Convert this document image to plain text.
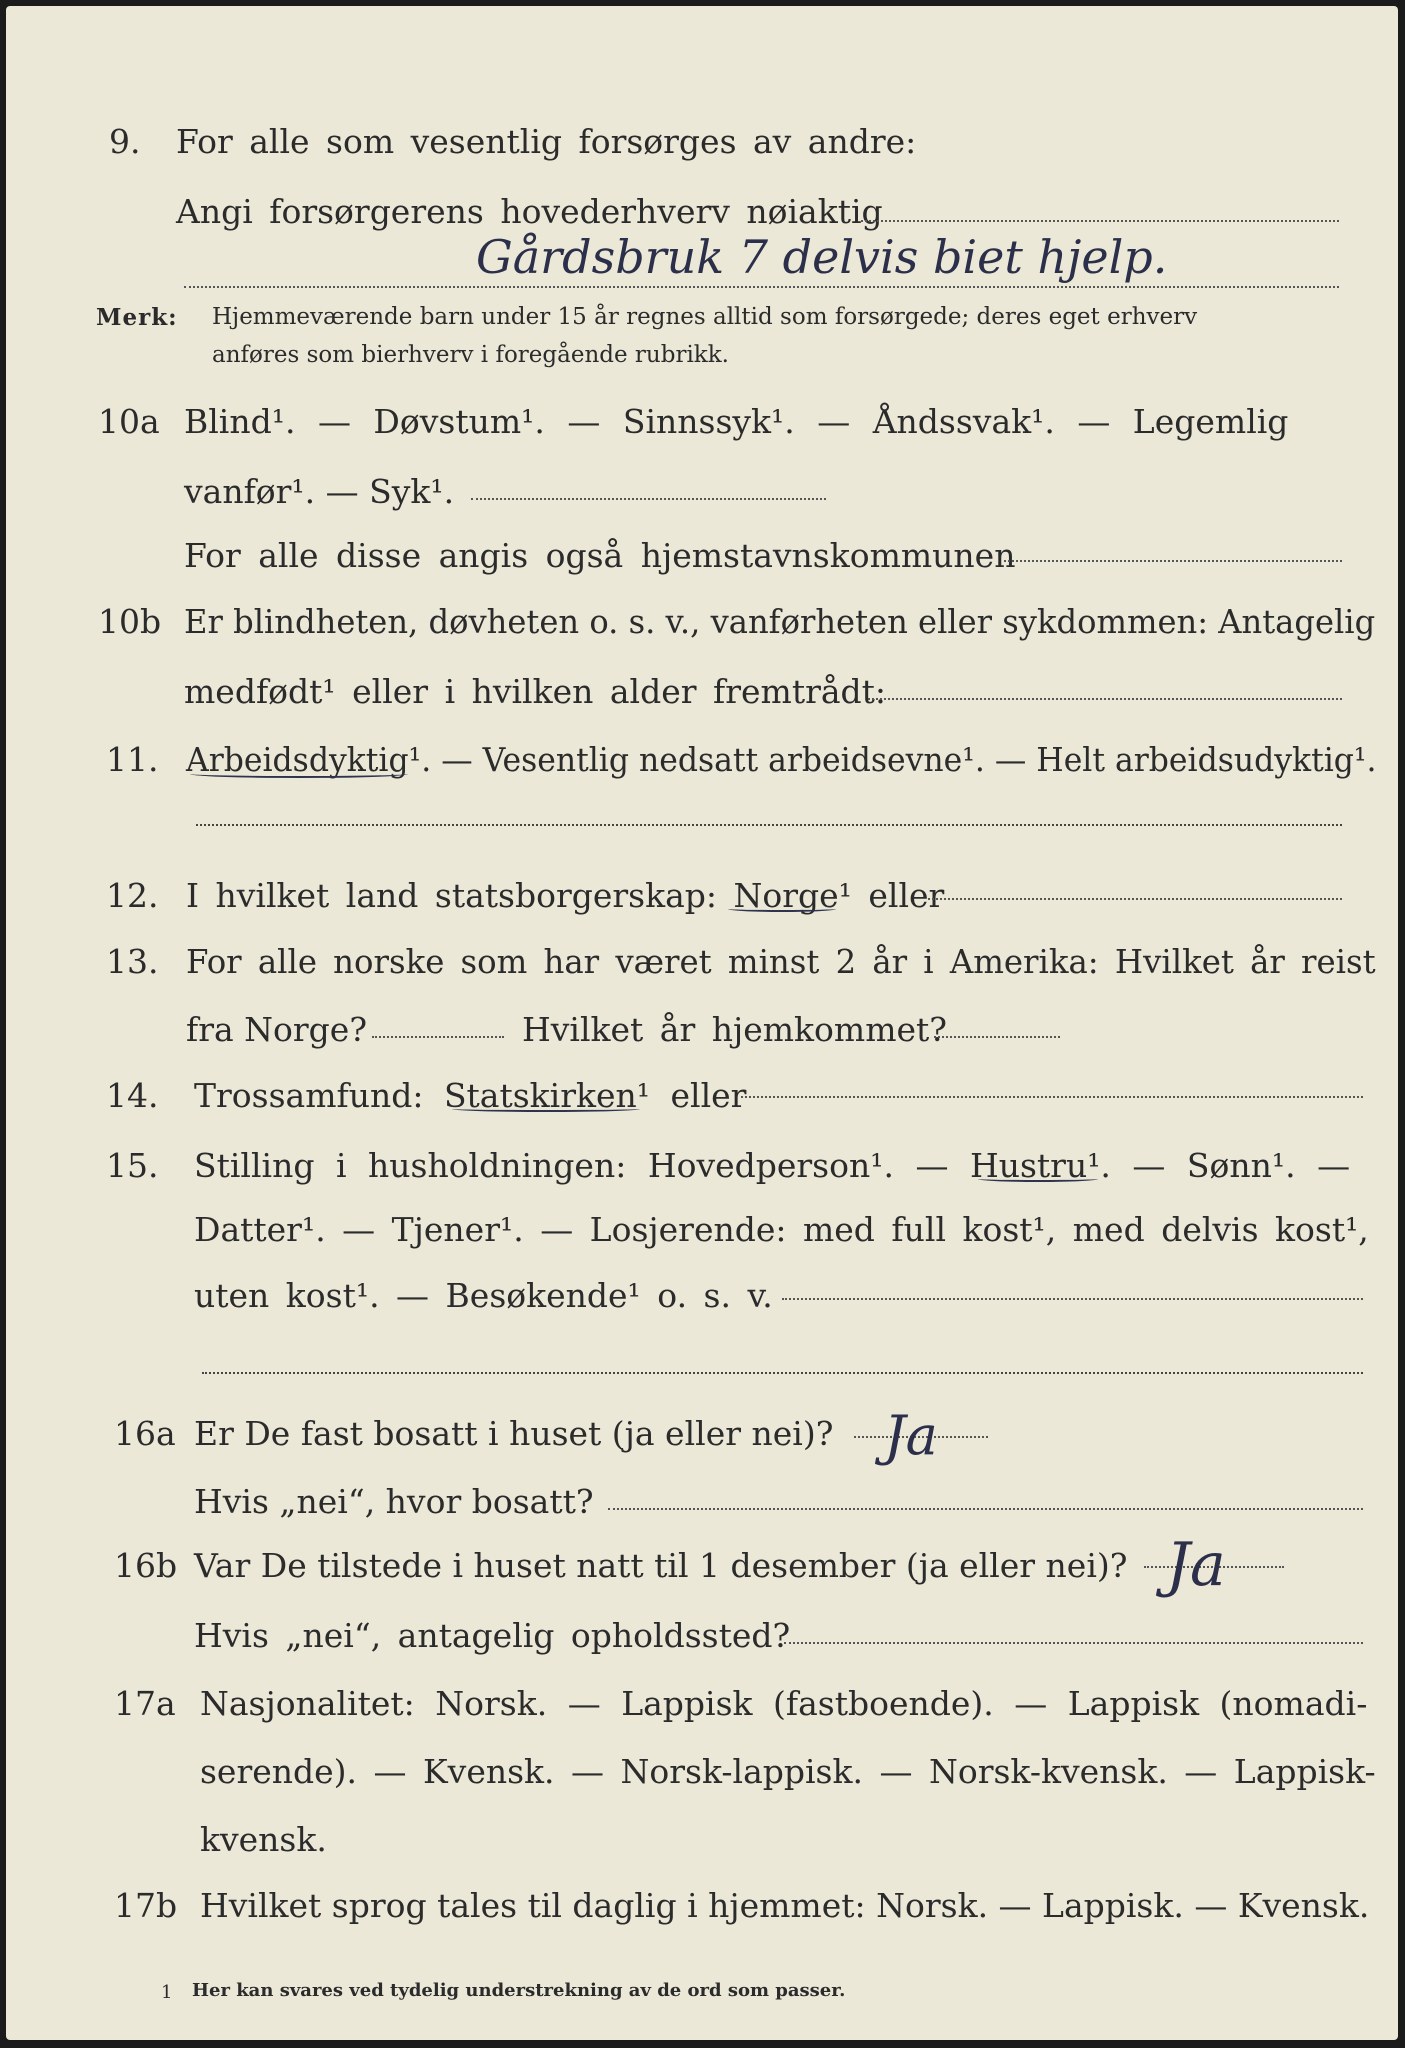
9. For alle som vesentlig forsørges av andre:
Angi forsørgerens hovederhverv nøiaktig
Gårdsbruk 7 delvis biet hjelp.
Merk: Hjemmeværende barn under 15 år regnes alltid som forsørgede; deres eget erhverv
anføres som bierhverv i foregående rubrikk.
10a Blind¹. — Døvstum¹. — Sinnssyk¹. — Åndssvak¹. — Legemlig
vanfør¹. — Syk¹.
For alle disse angis også hjemstavnskommunen
10b Er blindheten, døvheten o. s. v., vanførheten eller sykdommen: Antagelig
medfødt¹ eller i hvilken alder fremtrådt:
11. Arbeidsdyktig¹. — Vesentlig nedsatt arbeidsevne¹. — Helt arbeidsudyktig¹.
12. I hvilket land statsborgerskap: Norge¹ eller
13. For alle norske som har været minst 2 år i Amerika: Hvilket år reist
fra Norge?	Hvilket år hjemkommet?
14. Trossamfund: Statskirken¹ eller
15. Stilling i husholdningen: Hovedperson¹. — Hustru¹. — Sønn¹. —
Datter¹. — Tjener¹. — Losjerende: med full kost¹, med delvis kost¹,
uten kost¹. — Besøkende¹ o. s. v.
16a Er De fast bosatt i huset (ja eller nei)? Ja
Hvis „nei“, hvor bosatt?
16b Var De tilstede i huset natt til 1 desember (ja eller nei)? Ja
Hvis „nei“, antagelig opholdssted?
17a Nasjonalitet: Norsk. — Lappisk (fastboende). — Lappisk (nomadi-
serende). — Kvensk. — Norsk-lappisk. — Norsk-kvensk. — Lappisk-
kvensk.
17b Hvilket sprog tales til daglig i hjemmet: Norsk. — Lappisk. — Kvensk.
1 Her kan svares ved tydelig understrekning av de ord som passer.
